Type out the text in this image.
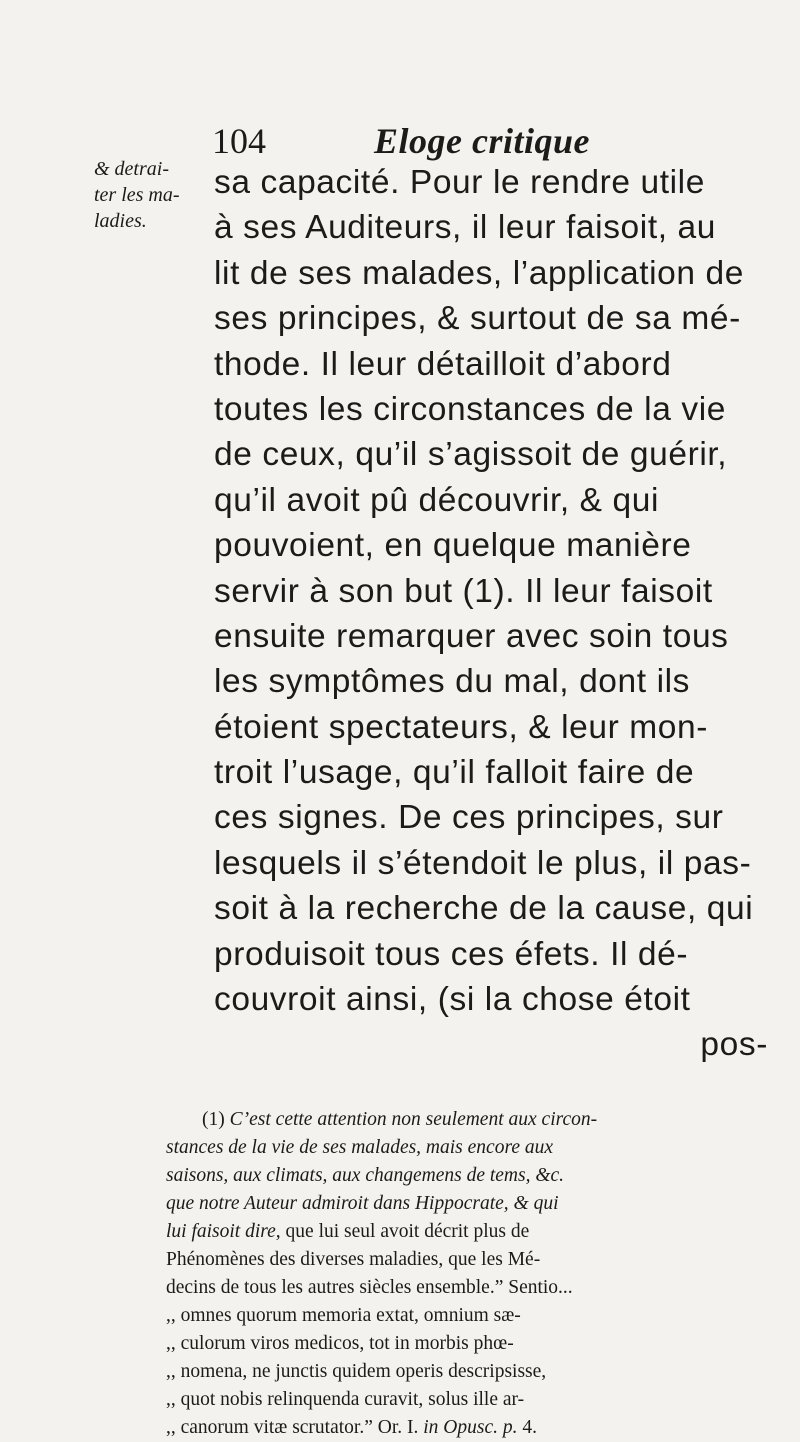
104	Eloge critique
& detrai-
ter les ma-
ladies.
sa capacité. Pour le rendre utile
à ses Auditeurs, il leur faisoit, au
lit de ses malades, l’application de
ses principes, & surtout de sa mé-
thode. Il leur détailloit d’abord
toutes les circonstances de la vie
de ceux, qu’il s’agissoit de guérir,
qu’il avoit pû découvrir, & qui
pouvoient, en quelque manière
servir à son but (1). Il leur faisoit
ensuite remarquer avec soin tous
les symptômes du mal, dont ils
étoient spectateurs, & leur mon-
troit l’usage, qu’il falloit faire de
ces signes. De ces principes, sur
lesquels il s’étendoit le plus, il pas-
soit à la recherche de la cause, qui
produisoit tous ces éfets. Il dé-
couvroit ainsi, (si la chose étoit
pos-
(1) C’est cette attention non seulement aux circon-
stances de la vie de ses malades, mais encore aux
saisons, aux climats, aux changemens de tems, &c.
que notre Auteur admiroit dans Hippocrate, & qui
lui faisoit dire, que lui seul avoit décrit plus de
Phénomènes des diverses maladies, que les Mé-
decins de tous les autres siècles ensemble.” Sentio...
,, omnes quorum memoria extat, omnium sæ-
,, culorum viros medicos, tot in morbis phœ-
,, nomena, ne junctis quidem operis descripsisse,
,, quot nobis relinquenda curavit, solus ille ar-
,, canorum vitæ scrutator.” Or. I. in Opusc. p. 4.
